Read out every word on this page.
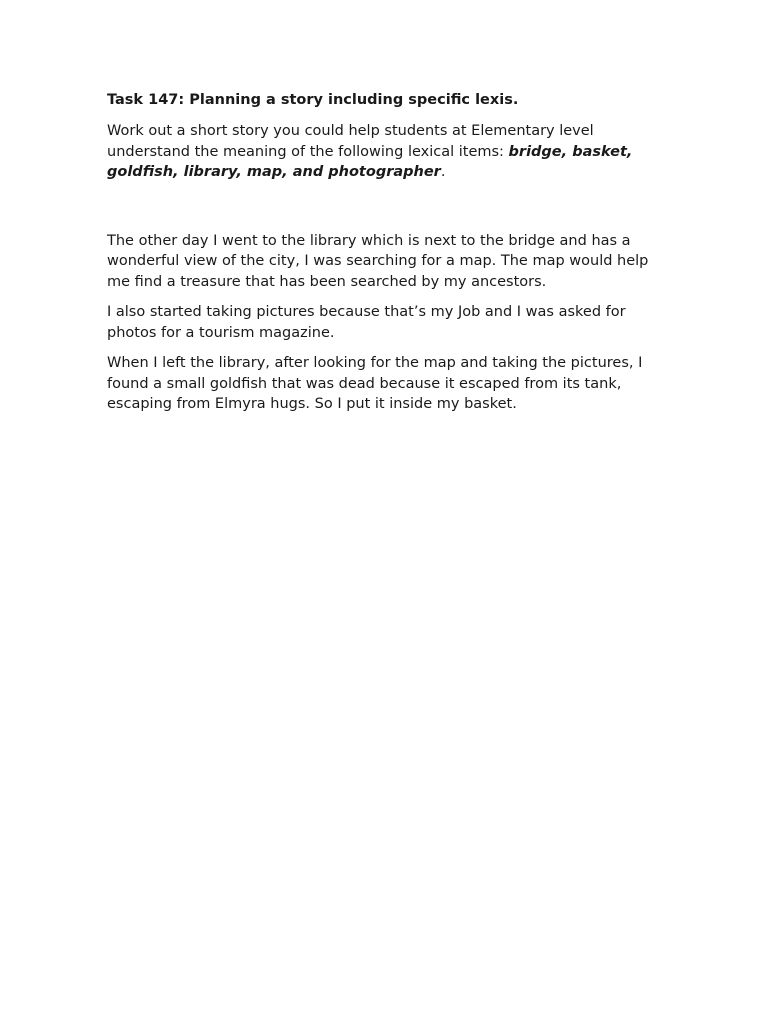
Task 147: Planning a story including specific lexis.

Work out a short story you could help students at Elementary level understand the meaning of the following lexical items: bridge, basket, goldfish, library, map, and photographer.

The other day I went to the library which is next to the bridge and has a wonderful view of the city, I was searching for a map. The map would help me find a treasure that has been searched by my ancestors.

I also started taking pictures because that’s my Job and I was asked for photos for a tourism magazine.

When I left the library, after looking for the map and taking the pictures, I found a small goldfish that was dead because it escaped from its tank, escaping from Elmyra hugs. So I put it inside my basket.
